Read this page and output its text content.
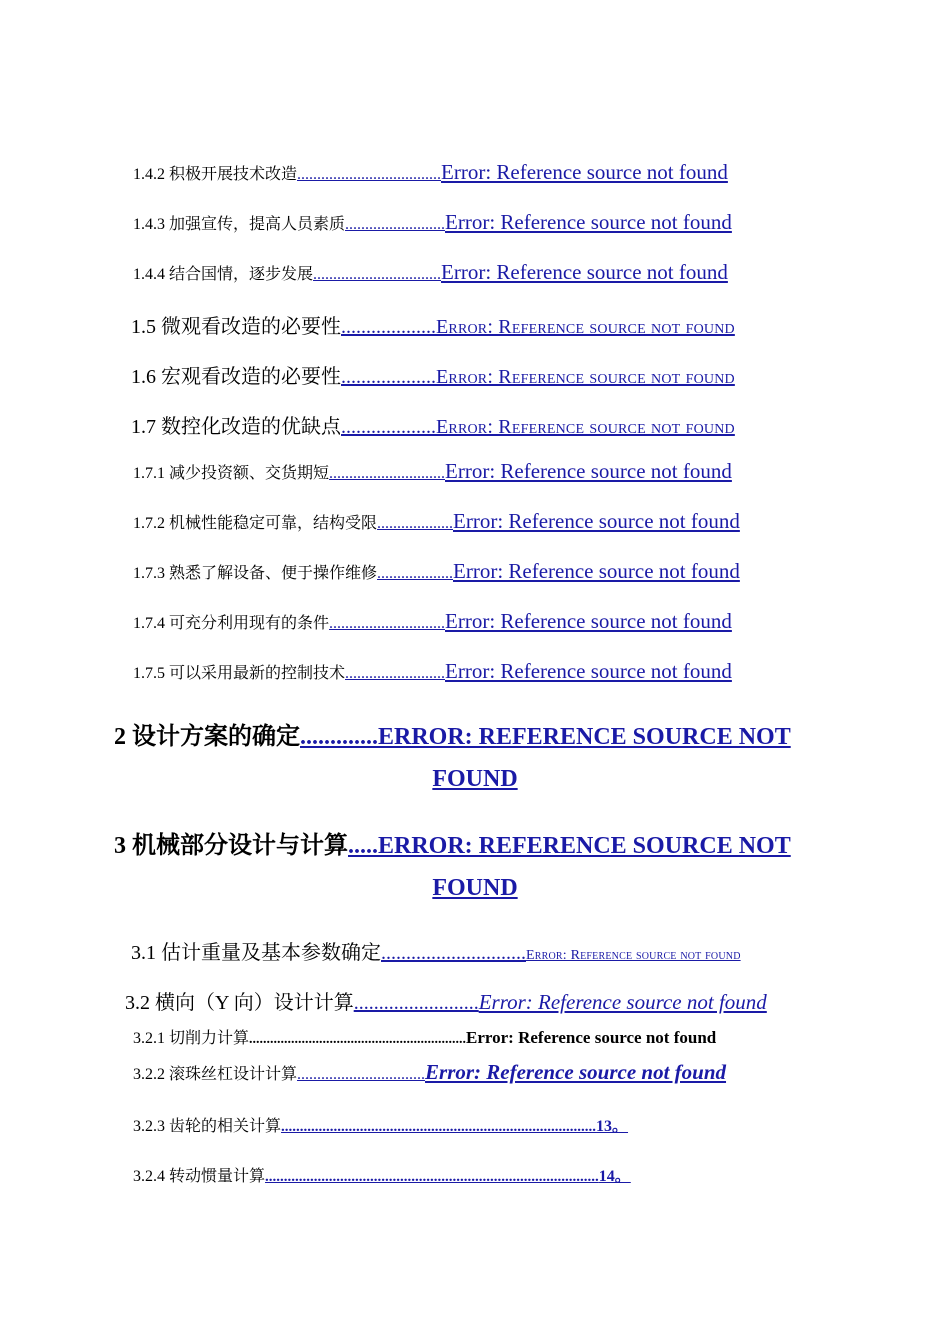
1.4.2 积极开展技术改造 .................................... Error: Reference source not found
1.4.3 加强宣传，提高人员素质 ......................... Error: Reference source not found
1.4.4 结合国情，逐步发展 ................................ Error: Reference source not found
1.5 微观看改造的必要性 ................... Error: Reference source not found
1.6 宏观看改造的必要性 ................... Error: Reference source not found
1.7 数控化改造的优缺点 ................... Error: Reference source not found
1.7.1 减少投资额、交货期短 ............................. Error: Reference source not found
1.7.2 机械性能稳定可靠，结构受限 ................... Error: Reference source not found
1.7.3 熟悉了解设备、便于操作维修 ................... Error: Reference source not found
1.7.4 可充分利用现有的条件 ............................. Error: Reference source not found
1.7.5 可以采用最新的控制技术 ......................... Error: Reference source not found
2 设计方案的确定 ............. ERROR: REFERENCE SOURCE NOT
FOUND
3 机械部分设计与计算 ..... ERROR: REFERENCE SOURCE NOT
FOUND
3.1 估计重量及基本参数确定 ............................. Error: Reference source not found
3.2 横向（Y 向）设计计算 ......................... Error: Reference source not found
3.2.1 切削力计算 .............................................................. Error: Reference source not found
3.2.2 滚珠丝杠设计计算 ................................ Error: Reference source not found
3.2.3 齿轮的相关计算 .................................................................................... 13。
3.2.4 转动惯量计算 ......................................................................................... 14。
